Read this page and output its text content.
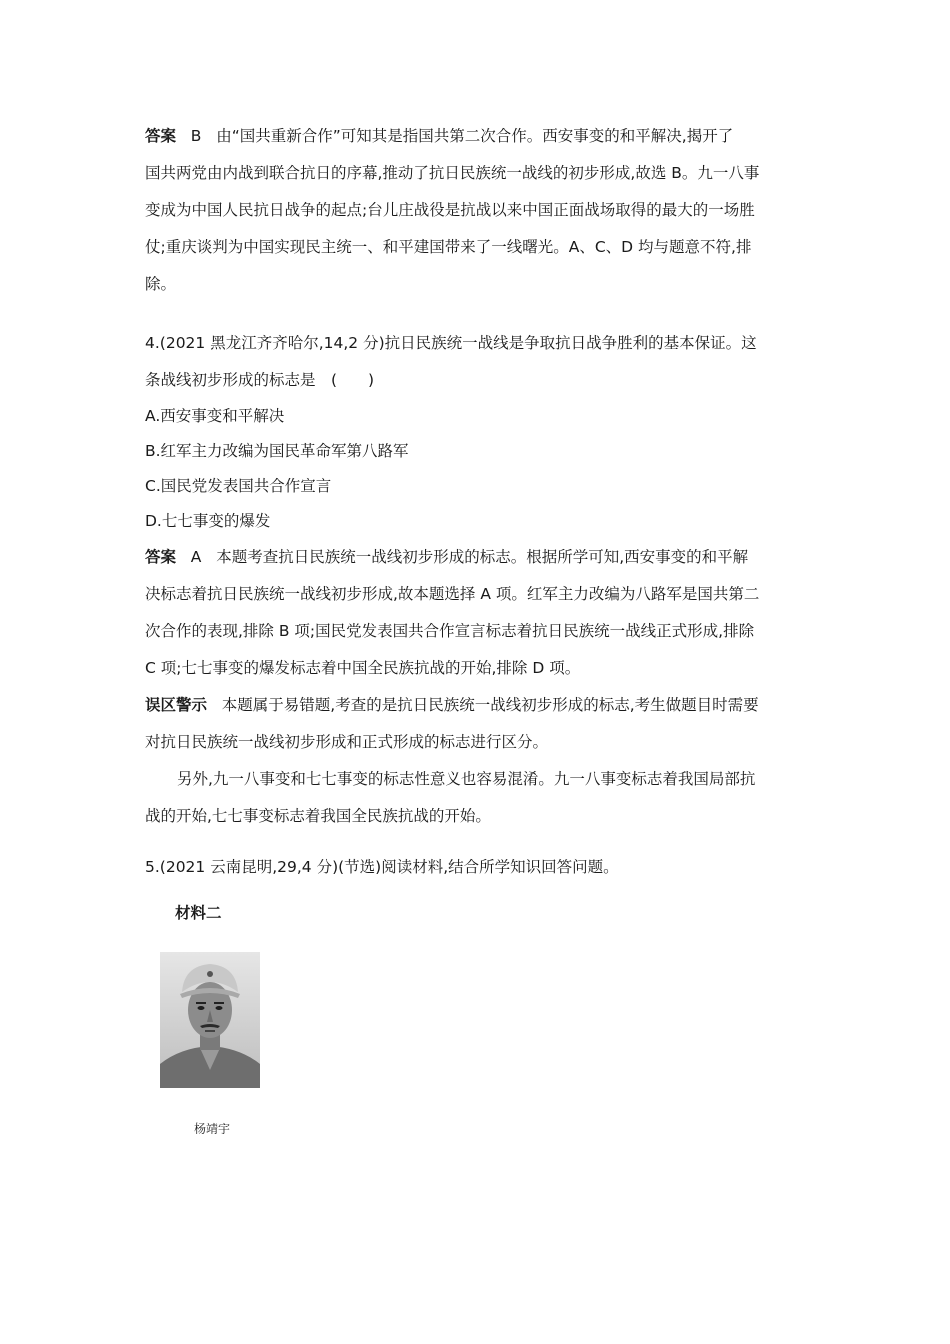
答案 B 由“国共重新合作”可知其是指国共第二次合作。西安事变的和平解决,揭开了
国共两党由内战到联合抗日的序幕,推动了抗日民族统一战线的初步形成,故选 B。九一八事
变成为中国人民抗日战争的起点;台儿庄战役是抗战以来中国正面战场取得的最大的一场胜
仗;重庆谈判为中国实现民主统一、和平建国带来了一线曙光。A、C、D 均与题意不符,排
除。

4.(2021 黑龙江齐齐哈尔,14,2 分)抗日民族统一战线是争取抗日战争胜利的基本保证。这
条战线初步形成的标志是　(　　)

A.西安事变和平解决

B.红军主力改编为国民革命军第八路军

C.国民党发表国共合作宣言

D.七七事变的爆发

答案 A 本题考查抗日民族统一战线初步形成的标志。根据所学可知,西安事变的和平解
决标志着抗日民族统一战线初步形成,故本题选择 A 项。红军主力改编为八路军是国共第二
次合作的表现,排除 B 项;国民党发表国共合作宣言标志着抗日民族统一战线正式形成,排除
C 项;七七事变的爆发标志着中国全民族抗战的开始,排除 D 项。

误区警示 本题属于易错题,考查的是抗日民族统一战线初步形成的标志,考生做题目时需要
对抗日民族统一战线初步形成和正式形成的标志进行区分。

另外,九一八事变和七七事变的标志性意义也容易混淆。九一八事变标志着我国局部抗
战的开始,七七事变标志着我国全民族抗战的开始。

5.(2021 云南昆明,29,4 分)(节选)阅读材料,结合所学知识回答问题。

材料二

杨靖宇
